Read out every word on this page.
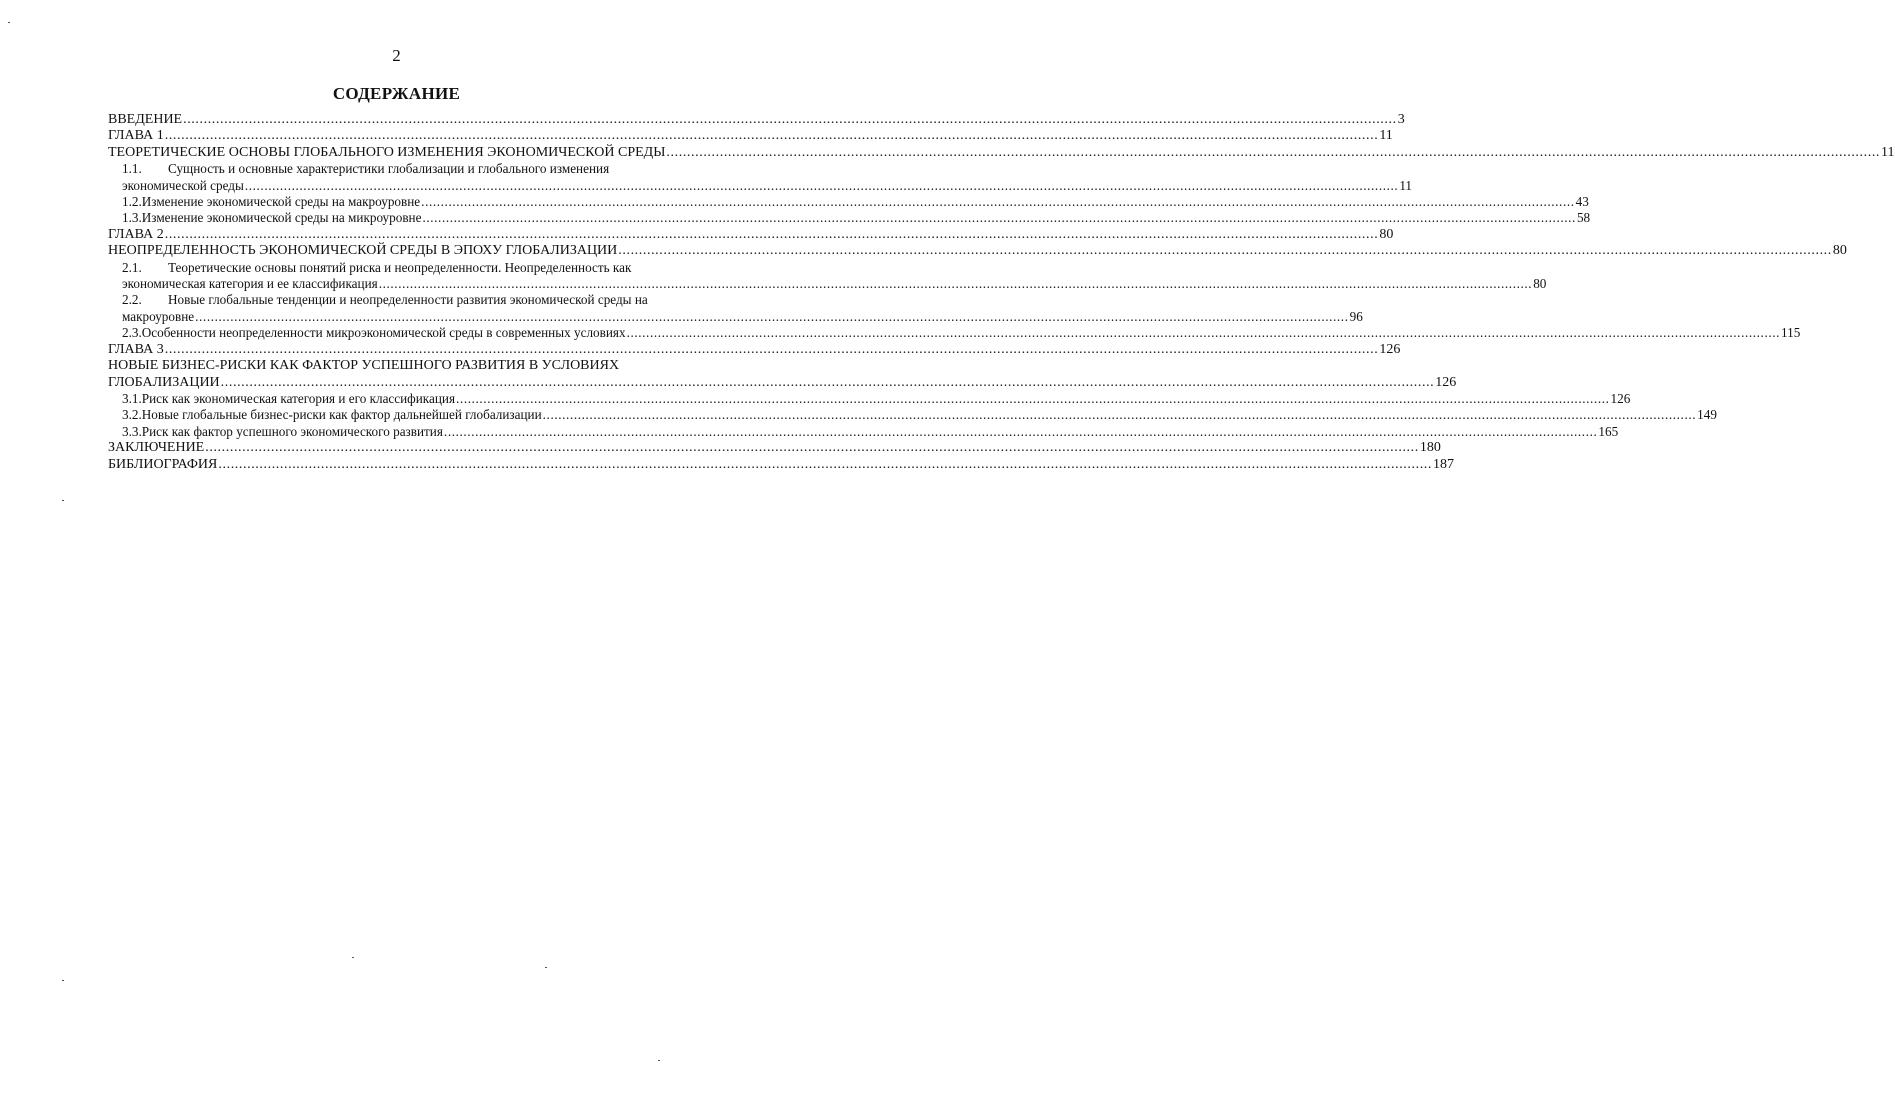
2
СОДЕРЖАНИЕ
ВВЕДЕНИЕ .....	3
ГЛАВА 1 .....	11
ТЕОРЕТИЧЕСКИЕ ОСНОВЫ ГЛОБАЛЬНОГО ИЗМЕНЕНИЯ ЭКОНОМИЧЕСКОЙ СРЕДЫ .....	11
1.1. Сущность и основные характеристики глобализации и глобального изменения
экономической среды .....	11
1.2. Изменение экономической среды на макроуровне .....	43
1.3. Изменение экономической среды на микроуровне .....	58
ГЛАВА 2 .....	80
НЕОПРЕДЕЛЕННОСТЬ ЭКОНОМИЧЕСКОЙ СРЕДЫ В ЭПОХУ ГЛОБАЛИЗАЦИИ .....	80
2.1. Теоретические основы понятий риска и неопределенности. Неопределенность как
экономическая категория и ее классификация .....	80
2.2. Новые глобальные тенденции и неопределенности развития экономической среды на
макроуровне .....	96
2.3. Особенности неопределенности микроэкономической среды в современных условиях .....	115
ГЛАВА 3 .....	126
НОВЫЕ БИЗНЕС-РИСКИ КАК ФАКТОР УСПЕШНОГО РАЗВИТИЯ В УСЛОВИЯХ
ГЛОБАЛИЗАЦИИ .....	126
3.1. Риск как экономическая категория и его классификация .....	126
3.2. Новые глобальные бизнес-риски как фактор дальнейшей глобализации .....	149
3.3. Риск как фактор успешного экономического развития .....	165
ЗАКЛЮЧЕНИЕ .....	180
БИБЛИОГРАФИЯ .....	187
